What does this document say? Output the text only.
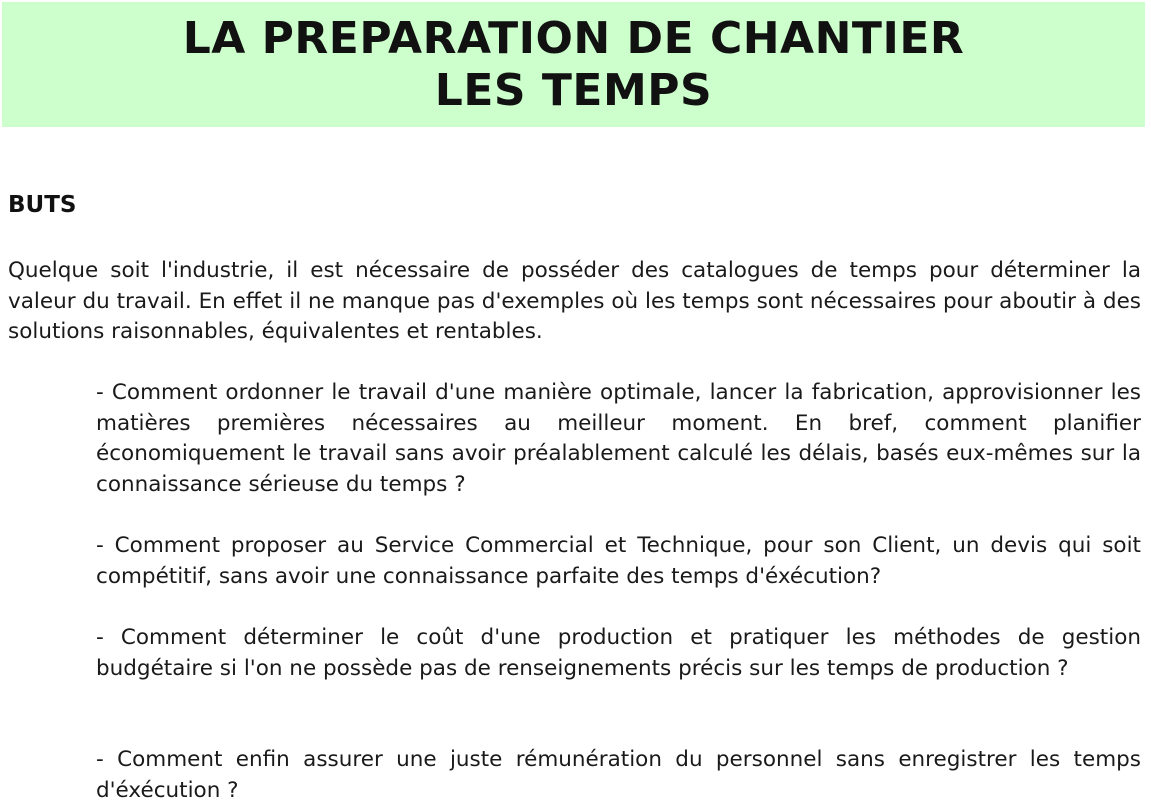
LA PREPARATION DE CHANTIER
LES TEMPS
BUTS

Quelque soit l'industrie, il est nécessaire de posséder des catalogues de temps pour déterminer la valeur du travail. En effet il ne manque pas d'exemples où les temps sont nécessaires pour aboutir à des solutions raisonnables, équivalentes et rentables.

- Comment ordonner le travail d'une manière optimale, lancer la fabrication, approvisionner les matières premières nécessaires au meilleur moment. En bref, comment planifier économiquement le travail sans avoir préalablement calculé les délais, basés eux-mêmes sur la connaissance sérieuse du temps ?

- Comment proposer au Service Commercial et Technique, pour son Client, un devis qui soit compétitif, sans avoir une connaissance parfaite des temps d'éxécution?

- Comment déterminer le coût d'une production et pratiquer les méthodes de gestion budgétaire si l'on ne possède pas de renseignements précis sur les temps de production ?

- Comment enfin assurer une juste rémunération du personnel sans enregistrer les temps d'éxécution ?
